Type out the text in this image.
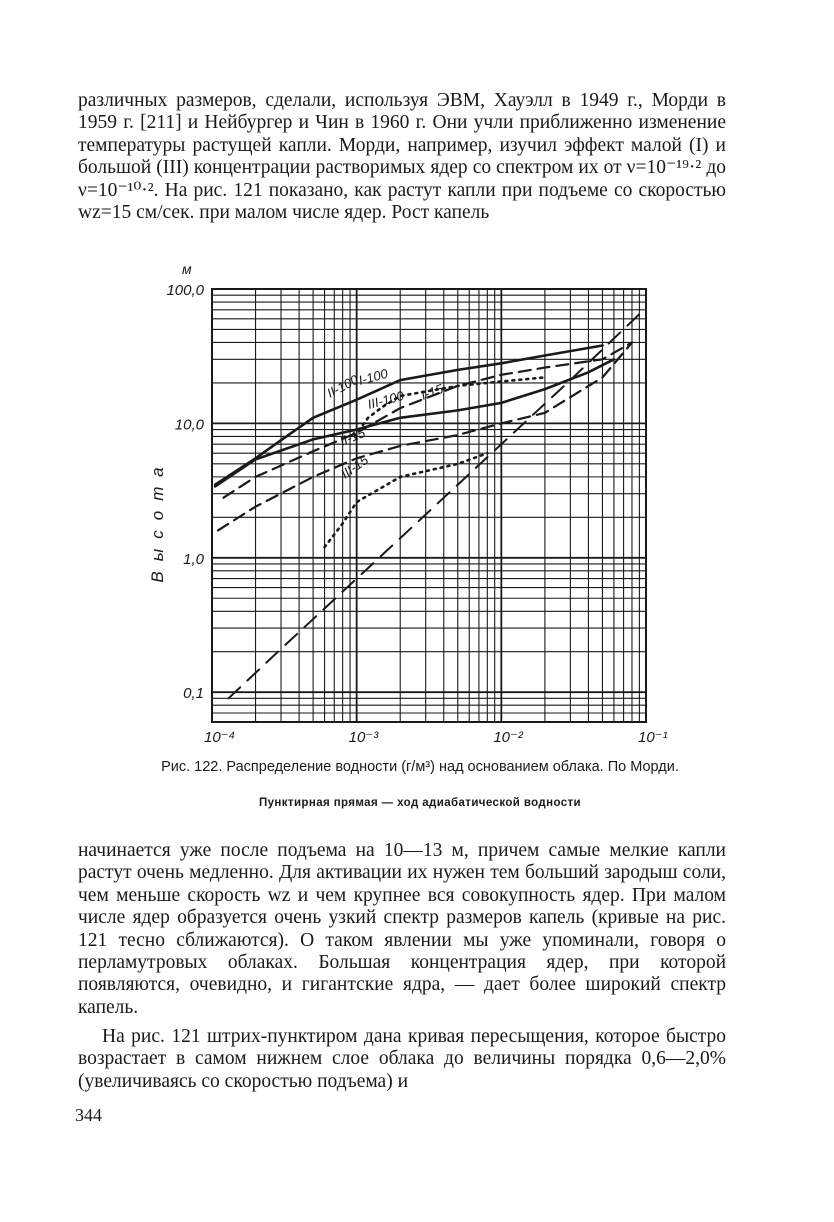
различных размеров, сделали, используя ЭВМ, Хауэлл в 1949 г., Морди в 1959 г. [211] и Нейбургер и Чин в 1960 г. Они учли приближенно изменение температуры растущей капли. Морди, например, изучил эффект малой (I) и большой (III) концентрации растворимых ядер со спектром их от ν=10⁻¹⁹·² до ν=10⁻¹⁰·². На рис. 121 показано, как растут капли при подъеме со скоростью wz=15 см/сек. при малом числе ядер. Рост капель

10⁻⁴	10⁻³	10⁻²	10⁻¹
100,0
10,0
1,0
0,1
м
Высота
I-100
II-100 III-100 I-15
II-15
III-15
Рис. 122. Распределение водности (г/м³) над основанием облака. По Морди.
Пунктирная прямая — ход адиабатической водности

начинается уже после подъема на 10—13 м, причем самые мелкие капли растут очень медленно. Для активации их нужен тем больший зародыш соли, чем меньше скорость wz и чем крупнее вся совокупность ядер. При малом числе ядер образуется очень узкий спектр размеров капель (кривые на рис. 121 тесно сближаются). О таком явлении мы уже упоминали, говоря о перламутровых облаках. Большая концентрация ядер, при которой появляются, очевидно, и гигантские ядра, — дает более широкий спектр капель.

На рис. 121 штрих-пунктиром дана кривая пересыщения, которое быстро возрастает в самом нижнем слое облака до величины порядка 0,6—2,0% (увеличиваясь со скоростью подъема) и

344
